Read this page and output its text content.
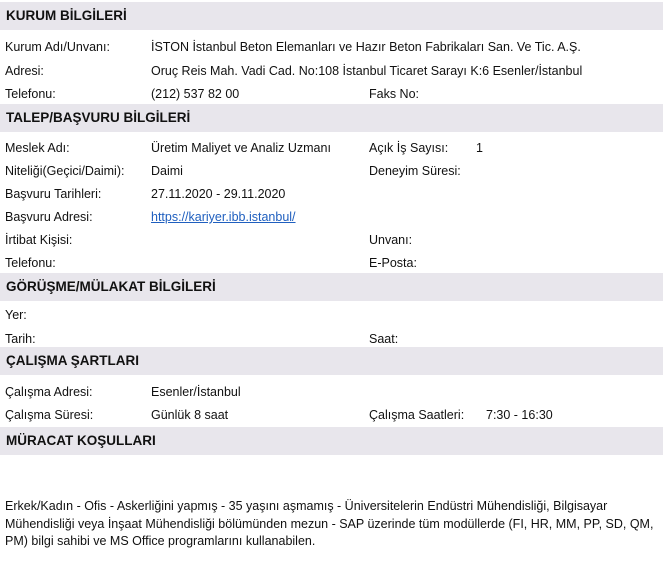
KURUM BİLGİLERİ
Kurum Adı/Unvanı:	İSTON İstanbul Beton Elemanları ve Hazır Beton Fabrikaları San. Ve Tic. A.Ş.
Adresi:	Oruç Reis Mah. Vadi Cad. No:108 İstanbul Ticaret Sarayı K:6 Esenler/İstanbul
Telefonu:	(212) 537 82 00	Faks No:
TALEP/BAŞVURU BİLGİLERİ
Meslek Adı:	Üretim Maliyet ve Analiz Uzmanı	Açık İş Sayısı: 1
Niteliği(Geçici/Daimi): Daimi	Deneyim Süresi:
Başvuru Tarihleri:	27.11.2020 - 29.11.2020
Başvuru Adresi:	https://kariyer.ibb.istanbul/
İrtibat Kişisi:	Unvanı:
Telefonu:	E-Posta:
GÖRÜŞME/MÜLAKAT BİLGİLERİ
Yer:
Tarih:	Saat:
ÇALIŞMA ŞARTLARI
Çalışma Adresi:	Esenler/İstanbul
Çalışma Süresi:	Günlük 8 saat	Çalışma Saatleri: 7:30 - 16:30
MÜRACAT KOŞULLARI
Erkek/Kadın - Ofis - Askerliğini yapmış - 35 yaşını aşmamış - Üniversitelerin Endüstri Mühendisliği, Bilgisayar Mühendisliği veya İnşaat Mühendisliği bölümünden mezun - SAP üzerinde tüm modüllerde (FI, HR, MM, PP, SD, QM, PM) bilgi sahibi ve MS Office programlarını kullanabilen.
